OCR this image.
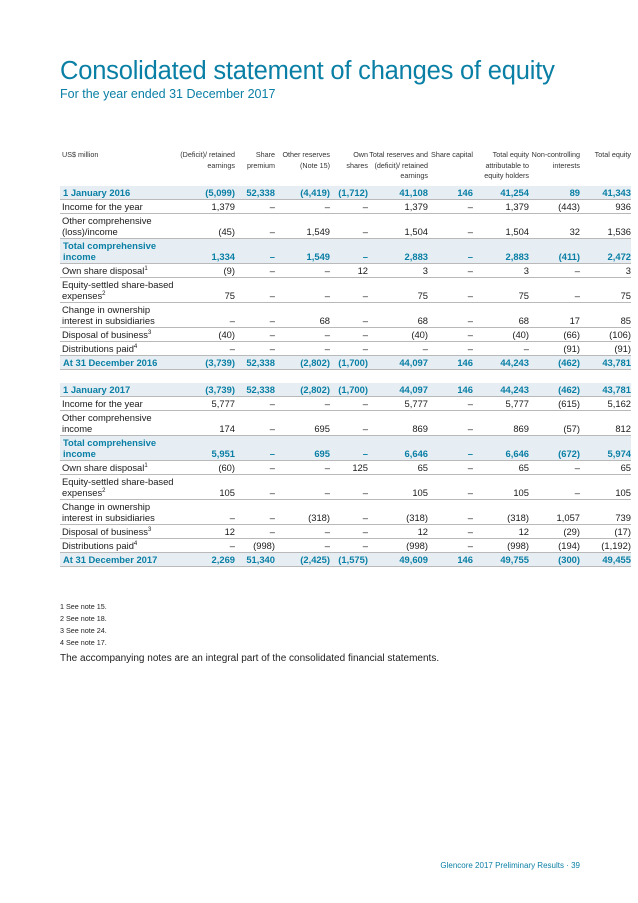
Consolidated statement of changes of equity
For the year ended 31 December 2017
US$ million	(Deficit)/ retained earnings	Share premium	Other reserves (Note 15)	Own shares	Total reserves and (deficit)/ retained earnings	Share capital	Total equity attributable to equity holders	Non-controlling interests	Total equity
1 January 2016	(5,099)	52,338	(4,419)	(1,712)	41,108	146	41,254	89	41,343
Income for the year	1,379	–	–	–	1,379	–	1,379	(443)	936
Other comprehensive (loss)/income	(45)	–	1,549	–	1,504	–	1,504	32	1,536
Total comprehensive income	1,334	–	1,549	–	2,883	–	2,883	(411)	2,472
Own share disposal$^1$	(9)	–	–	12	3	–	3	–	3
Equity-settled share-based expenses$^2$	75	–	–	–	75	–	75	–	75
Change in ownership interest in subsidiaries	–	–	68	–	68	–	68	17	85
Disposal of business$^3$	(40)	–	–	–	(40)	–	(40)	(66)	(106)
Distributions paid$^4$	–	–	–	–	–	–	–	(91)	(91)
At 31 December 2016	(3,739)	52,338	(2,802)	(1,700)	44,097	146	44,243	(462)	43,781

1 January 2017	(3,739)	52,338	(2,802)	(1,700)	44,097	146	44,243	(462)	43,781
Income for the year	5,777	–	–	–	5,777	–	5,777	(615)	5,162
Other comprehensive income	174	–	695	–	869	–	869	(57)	812
Total comprehensive income	5,951	–	695	–	6,646	–	6,646	(672)	5,974
Own share disposal$^1$	(60)	–	–	125	65	–	65	–	65
Equity-settled share-based expenses$^2$	105	–	–	–	105	–	105	–	105
Change in ownership interest in subsidiaries	–	–	(318)	–	(318)	–	(318)	1,057	739
Disposal of business$^3$	12	–	–	–	12	–	12	(29)	(17)
Distributions paid$^4$	–	(998)	–	–	(998)	–	(998)	(194)	(1,192)
At 31 December 2017	2,269	51,340	(2,425)	(1,575)	49,609	146	49,755	(300)	49,455
1 See note 15.
2 See note 18.
3 See note 24.
4 See note 17.
The accompanying notes are an integral part of the consolidated financial statements.
Glencore 2017 Preliminary Results · 39
